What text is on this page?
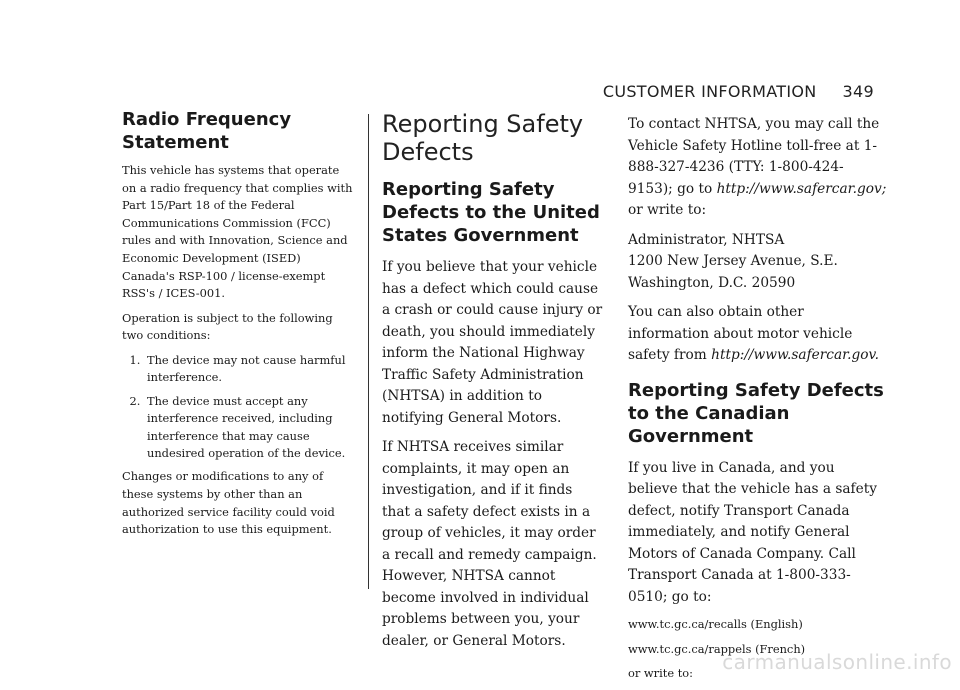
CUSTOMER INFORMATION 349
Radio Frequency
Statement

This vehicle has systems that operate on a radio frequency that complies with Part 15/Part 18 of the Federal Communications Commission (FCC) rules and with Innovation, Science and Economic Development (ISED) Canada's RSP-100 / license-exempt RSS's / ICES-001.

Operation is subject to the following two conditions:

1. The device may not cause harmful interference.
2. The device must accept any interference received, including interference that may cause undesired operation of the device.

Changes or modifications to any of these systems by other than an authorized service facility could void authorization to use this equipment.

Reporting Safety
Defects
Reporting Safety Defects to the United States Government

If you believe that your vehicle has a defect which could cause a crash or could cause injury or death, you should immediately inform the National Highway Traffic Safety Administration (NHTSA) in addition to notifying General Motors.

If NHTSA receives similar complaints, it may open an investigation, and if it finds that a safety defect exists in a group of vehicles, it may order a recall and remedy campaign. However, NHTSA cannot become involved in individual problems between you, your dealer, or General Motors.

To contact NHTSA, you may call the Vehicle Safety Hotline toll-free at 1-888-327-4236 (TTY: 1-800-424-9153); go to http://www.safercar.gov; or write to:

Administrator, NHTSA
1200 New Jersey Avenue, S.E.
Washington, D.C. 20590

You can also obtain other information about motor vehicle safety from http://www.safercar.gov.

Reporting Safety Defects to the Canadian Government

If you live in Canada, and you believe that the vehicle has a safety defect, notify Transport Canada immediately, and notify General Motors of Canada Company. Call Transport Canada at 1-800-333-0510; go to:

www.tc.gc.ca/recalls (English)

www.tc.gc.ca/rappels (French)

or write to:	carmanualsonline.info
